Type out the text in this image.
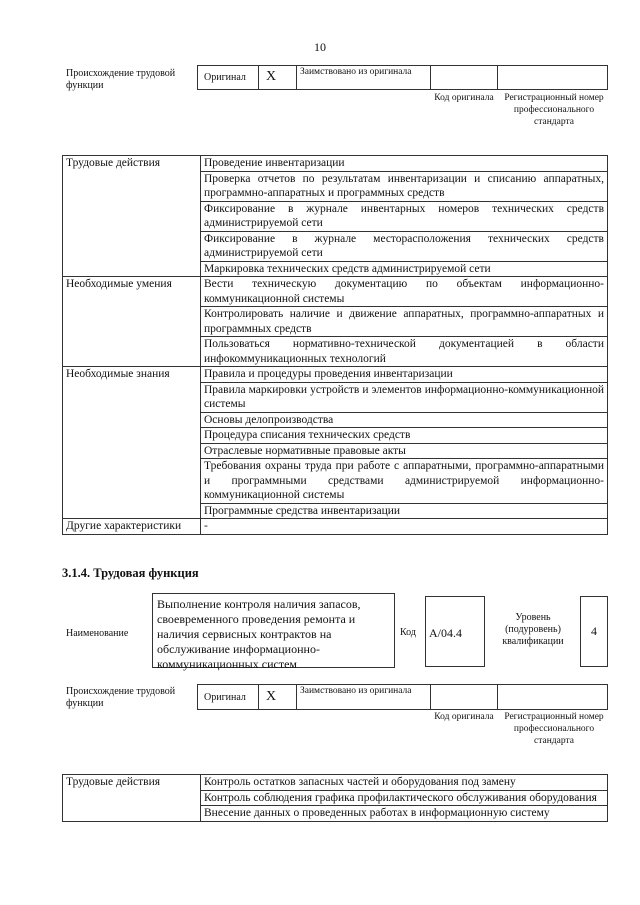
10
Происхождение трудовой функции
Оригинал X	Заимствовано из оригинала
Код оригинала Регистрационный номер профессионального стандарта
Трудовые действия	Проведение инвентаризации
	Проверка отчетов по результатам инвентаризации и списанию аппаратных, программно-аппаратных и программных средств
	Фиксирование в журнале инвентарных номеров технических средств администрируемой сети
	Фиксирование в журнале месторасположения технических средств администрируемой сети
	Маркировка технических средств администрируемой сети
Необходимые умения	Вести техническую документацию по объектам информационно-коммуникационной системы
	Контролировать наличие и движение аппаратных, программно-аппаратных и программных средств
	Пользоваться нормативно-технической документацией в области инфокоммуникационных технологий
Необходимые знания	Правила и процедуры проведения инвентаризации
	Правила маркировки устройств и элементов информационно-коммуникационной системы
	Основы делопроизводства
	Процедура списания технических средств
	Отраслевые нормативные правовые акты
	Требования охраны труда при работе с аппаратными, программно-аппаратными и программными средствами администрируемой информационно-коммуникационной системы
	Программные средства инвентаризации
Другие характеристики	-
3.1.4. Трудовая функция
Наименование
Выполнение контроля наличия запасов, своевременного проведения ремонта и наличия сервисных контрактов на обслуживание информационно-коммуникационных систем
Код A/04.4
Уровень (подуровень) квалификации
4
Происхождение трудовой функции
Оригинал X	Заимствовано из оригинала
Код оригинала Регистрационный номер профессионального стандарта
Трудовые действия	Контроль остатков запасных частей и оборудования под замену
Контроль соблюдения графика профилактического обслуживания оборудования
Внесение данных о проведенных работах в информационную систему
